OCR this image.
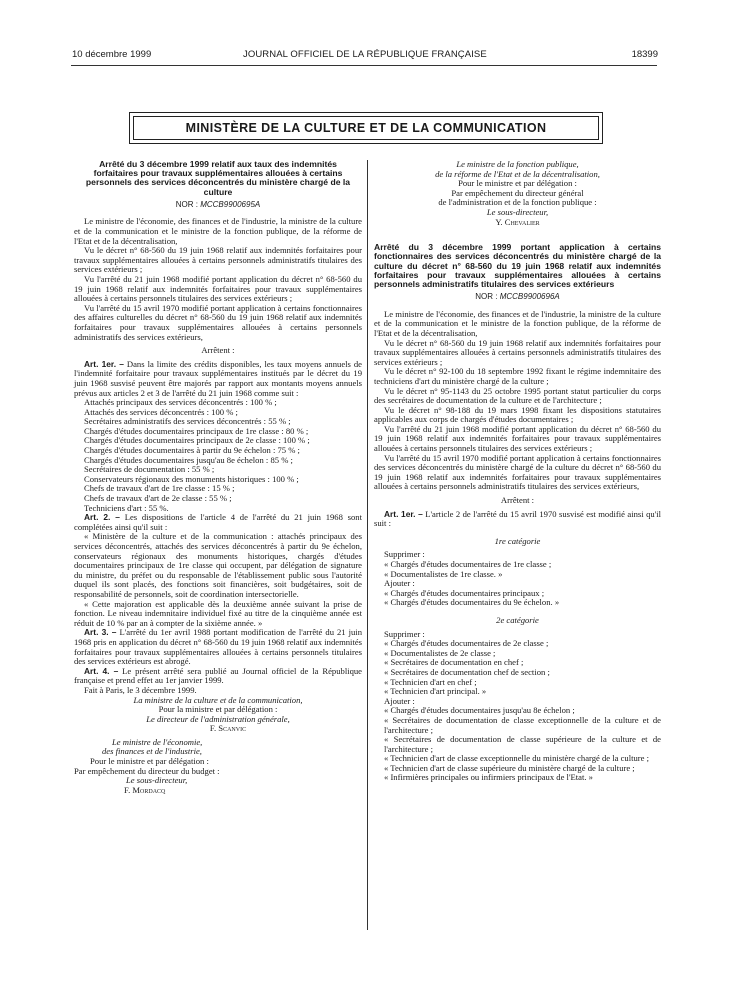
10 décembre 1999	JOURNAL OFFICIEL DE LA RÉPUBLIQUE FRANÇAISE	18399
MINISTÈRE DE LA CULTURE ET DE LA COMMUNICATION
Arrêté du 3 décembre 1999 relatif aux taux des indemnités forfaitaires pour travaux supplémentaires allouées à certains personnels des services déconcentrés du ministère chargé de la culture
NOR : MCCB9900695A

Le ministre de l'économie, des finances et de l'industrie, la ministre de la culture et de la communication et le ministre de la fonction publique, de la réforme de l'Etat et de la décentralisation,

Vu le décret n° 68-560 du 19 juin 1968 relatif aux indemnités forfaitaires pour travaux supplémentaires allouées à certains personnels administratifs titulaires des services extérieurs ;

Vu l'arrêté du 21 juin 1968 modifié portant application du décret n° 68-560 du 19 juin 1968 relatif aux indemnités forfaitaires pour travaux supplémentaires allouées à certains personnels titulaires des services extérieurs ;

Vu l'arrêté du 15 avril 1970 modifié portant application à certains fonctionnaires des affaires culturelles du décret n° 68-560 du 19 juin 1968 relatif aux indemnités forfaitaires pour travaux supplémentaires allouées à certains personnels administratifs des services extérieurs,

Arrêtent :

Art. 1er. – Dans la limite des crédits disponibles, les taux moyens annuels de l'indemnité forfaitaire pour travaux supplémentaires institués par le décret du 19 juin 1968 susvisé peuvent être majorés par rapport aux montants moyens annuels prévus aux articles 2 et 3 de l'arrêté du 21 juin 1968 comme suit :

Attachés principaux des services déconcentrés : 100 % ;

Attachés des services déconcentrés : 100 % ;

Secrétaires administratifs des services déconcentrés : 55 % ;

Chargés d'études documentaires principaux de 1re classe : 80 % ;

Chargés d'études documentaires principaux de 2e classe : 100 % ;

Chargés d'études documentaires à partir du 9e échelon : 75 % ;

Chargés d'études documentaires jusqu'au 8e échelon : 85 % ;

Secrétaires de documentation : 55 % ;

Conservateurs régionaux des monuments historiques : 100 % ;

Chefs de travaux d'art de 1re classe : 15 % ;

Chefs de travaux d'art de 2e classe : 55 % ;

Techniciens d'art : 55 %.

Art. 2. – Les dispositions de l'article 4 de l'arrêté du 21 juin 1968 sont complétées ainsi qu'il suit :

« Ministère de la culture et de la communication : attachés principaux des services déconcentrés, attachés des services déconcentrés à partir du 9e échelon, conservateurs régionaux des monuments historiques, chargés d'études documentaires principaux de 1re classe qui occupent, par délégation de signature du ministre, du préfet ou du responsable de l'établissement public sous l'autorité duquel ils sont placés, des fonctions soit financières, soit budgétaires, soit de responsabilité de personnels, soit de coordination intersectorielle.

« Cette majoration est applicable dès la deuxième année suivant la prise de fonction. Le niveau indemnitaire individuel fixé au titre de la cinquième année est réduit de 10 % par an à compter de la sixième année. »

Art. 3. – L'arrêté du 1er avril 1988 portant modification de l'arrêté du 21 juin 1968 pris en application du décret n° 68-560 du 19 juin 1968 relatif aux indemnités forfaitaires pour travaux supplémentaires allouées à certains personnels titulaires des services extérieurs est abrogé.

Art. 4. – Le présent arrêté sera publié au Journal officiel de la République française et prend effet au 1er janvier 1999.

Fait à Paris, le 3 décembre 1999.

La ministre de la culture et de la communication,

Pour la ministre et par délégation :

Le directeur de l'administration générale,

F. Scanvic

Le ministre de l'économie,

des finances et de l'industrie,

Pour le ministre et par délégation :

Par empêchement du directeur du budget :

Le sous-directeur,

F. Mordacq

Le ministre de la fonction publique,

de la réforme de l'Etat et de la décentralisation,

Pour le ministre et par délégation :

Par empêchement du directeur général

de l'administration et de la fonction publique :

Le sous-directeur,

Y. Chevalier

Arrêté du 3 décembre 1999 portant application à certains fonctionnaires des services déconcentrés du ministère chargé de la culture du décret n° 68-560 du 19 juin 1968 relatif aux indemnités forfaitaires pour travaux supplémentaires allouées à certains personnels administratifs titulaires des services extérieurs
NOR : MCCB9900696A

Le ministre de l'économie, des finances et de l'industrie, la ministre de la culture et de la communication et le ministre de la fonction publique, de la réforme de l'Etat et de la décentralisation,

Vu le décret n° 68-560 du 19 juin 1968 relatif aux indemnités forfaitaires pour travaux supplémentaires allouées à certains personnels administratifs titulaires des services extérieurs ;

Vu le décret n° 92-100 du 18 septembre 1992 fixant le régime indemnitaire des techniciens d'art du ministère chargé de la culture ;

Vu le décret n° 95-1143 du 25 octobre 1995 portant statut particulier du corps des secrétaires de documentation de la culture et de l'architecture ;

Vu le décret n° 98-188 du 19 mars 1998 fixant les dispositions statutaires applicables aux corps de chargés d'études documentaires ;

Vu l'arrêté du 21 juin 1968 modifié portant application du décret n° 68-560 du 19 juin 1968 relatif aux indemnités forfaitaires pour travaux supplémentaires allouées à certains personnels titulaires des services extérieurs ;

Vu l'arrêté du 15 avril 1970 modifié portant application à certains fonctionnaires des services déconcentrés du ministère chargé de la culture du décret n° 68-560 du 19 juin 1968 relatif aux indemnités forfaitaires pour travaux supplémentaires allouées à certains personnels administratifs titulaires des services extérieurs,

Arrêtent :

Art. 1er. – L'article 2 de l'arrêté du 15 avril 1970 susvisé est modifié ainsi qu'il suit :

1re catégorie

Supprimer :

« Chargés d'études documentaires de 1re classe ;

« Documentalistes de 1re classe. »

Ajouter :

« Chargés d'études documentaires principaux ;

« Chargés d'études documentaires du 9e échelon. »

2e catégorie

Supprimer :

« Chargés d'études documentaires de 2e classe ;

« Documentalistes de 2e classe ;

« Secrétaires de documentation en chef ;

« Secrétaires de documentation chef de section ;

« Technicien d'art en chef ;

« Technicien d'art principal. »

Ajouter :

« Chargés d'études documentaires jusqu'au 8e échelon ;

« Secrétaires de documentation de classe exceptionnelle de la culture et de l'architecture ;

« Secrétaires de documentation de classe supérieure de la culture et de l'architecture ;

« Technicien d'art de classe exceptionnelle du ministère chargé de la culture ;

« Technicien d'art de classe supérieure du ministère chargé de la culture ;

« Infirmières principales ou infirmiers principaux de l'Etat. »
